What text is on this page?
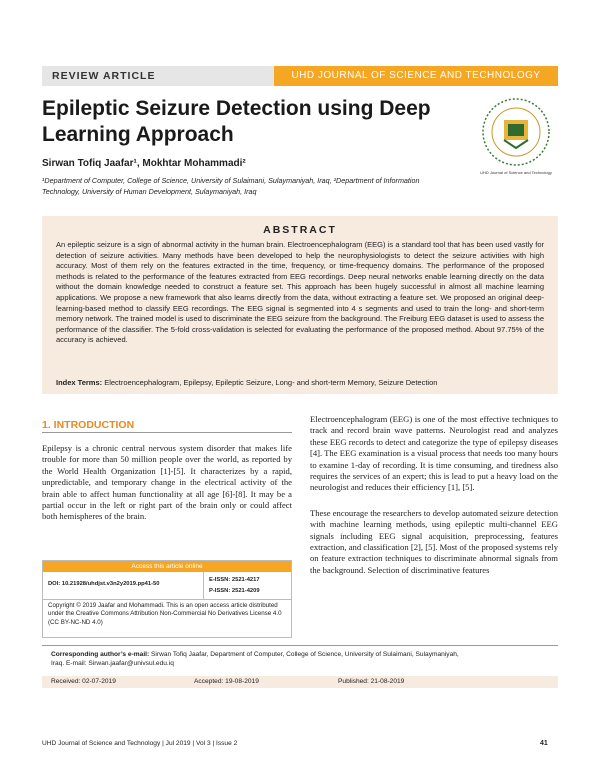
REVIEW ARTICLE	UHD JOURNAL OF SCIENCE AND TECHNOLOGY
Epileptic Seizure Detection using Deep
Learning Approach
Sirwan Tofiq Jaafar¹, Mokhtar Mohammadi²
¹Department of Computer, College of Science, University of Sulaimani, Sulaymaniyah, Iraq, ²Department of Information
Technology, University of Human Development, Sulaymaniyah, Iraq
UHD Journal of Science and Technology
ABSTRACT
An epileptic seizure is a sign of abnormal activity in the human brain. Electroencephalogram (EEG) is a standard tool that has been used vastly for detection of seizure activities. Many methods have been developed to help the neurophysiologists to detect the seizure activities with high accuracy. Most of them rely on the features extracted in the time, frequency, or time-frequency domains. The performance of the proposed methods is related to the performance of the features extracted from EEG recordings. Deep neural networks enable learning directly on the data without the domain knowledge needed to construct a feature set. This approach has been hugely successful in almost all machine learning applications. We propose a new framework that also learns directly from the data, without extracting a feature set. We proposed an original deep-learning-based method to classify EEG recordings. The EEG signal is segmented into 4 s segments and used to train the long- and short-term memory network. The trained model is used to discriminate the EEG seizure from the background. The Freiburg EEG dataset is used to assess the performance of the classifier. The 5-fold cross-validation is selected for evaluating the performance of the proposed method. About 97.75% of the accuracy is achieved.
Index Terms: Electroencephalogram, Epilepsy, Epileptic Seizure, Long- and short-term Memory, Seizure Detection
1. INTRODUCTION

Epilepsy is a chronic central nervous system disorder that makes life trouble for more than 50 million people over the world, as reported by the World Health Organization [1]-[5]. It characterizes by a rapid, unpredictable, and temporary change in the electrical activity of the brain able to affect human functionality at all age [6]-[8]. It may be a partial occur in the left or right part of the brain only or could affect both hemispheres of the brain.

Access this article online
DOI: 10.21928/uhdjst.v3n2y2019.pp41-50
E-ISSN: 2521-4217
P-ISSN: 2521-4209
Copyright © 2019 Jaafar and Mohammadi. This is an open access article distributed under the Creative Commons Attribution Non-Commercial No Derivatives License 4.0 (CC BY-NC-ND 4.0)

Electroencephalogram (EEG) is one of the most effective techniques to track and record brain wave patterns. Neurologist read and analyzes these EEG records to detect and categorize the type of epilepsy diseases [4]. The EEG examination is a visual process that needs too many hours to examine 1-day of recording. It is time consuming, and tiredness also requires the services of an expert; this is lead to put a heavy load on the neurologist and reduces their efficiency [1], [5].

These encourage the researchers to develop automated seizure detection with machine learning methods, using epileptic multi-channel EEG signals including EEG signal acquisition, preprocessing, features extraction, and classification [2], [5]. Most of the proposed systems rely on feature extraction techniques to discriminate abnormal signals from the background. Selection of discriminative features

Corresponding author’s e-mail: Sirwan Tofiq Jaafar, Department of Computer, College of Science, University of Sulaimani, Sulaymaniyah,
Iraq. E-mail: Sirwan.jaafar@univsul.edu.iq
Received: 02-07-2019	Accepted: 19-08-2019	Published: 21-08-2019
UHD Journal of Science and Technology | Jul 2019 | Vol 3 | Issue 2	41
